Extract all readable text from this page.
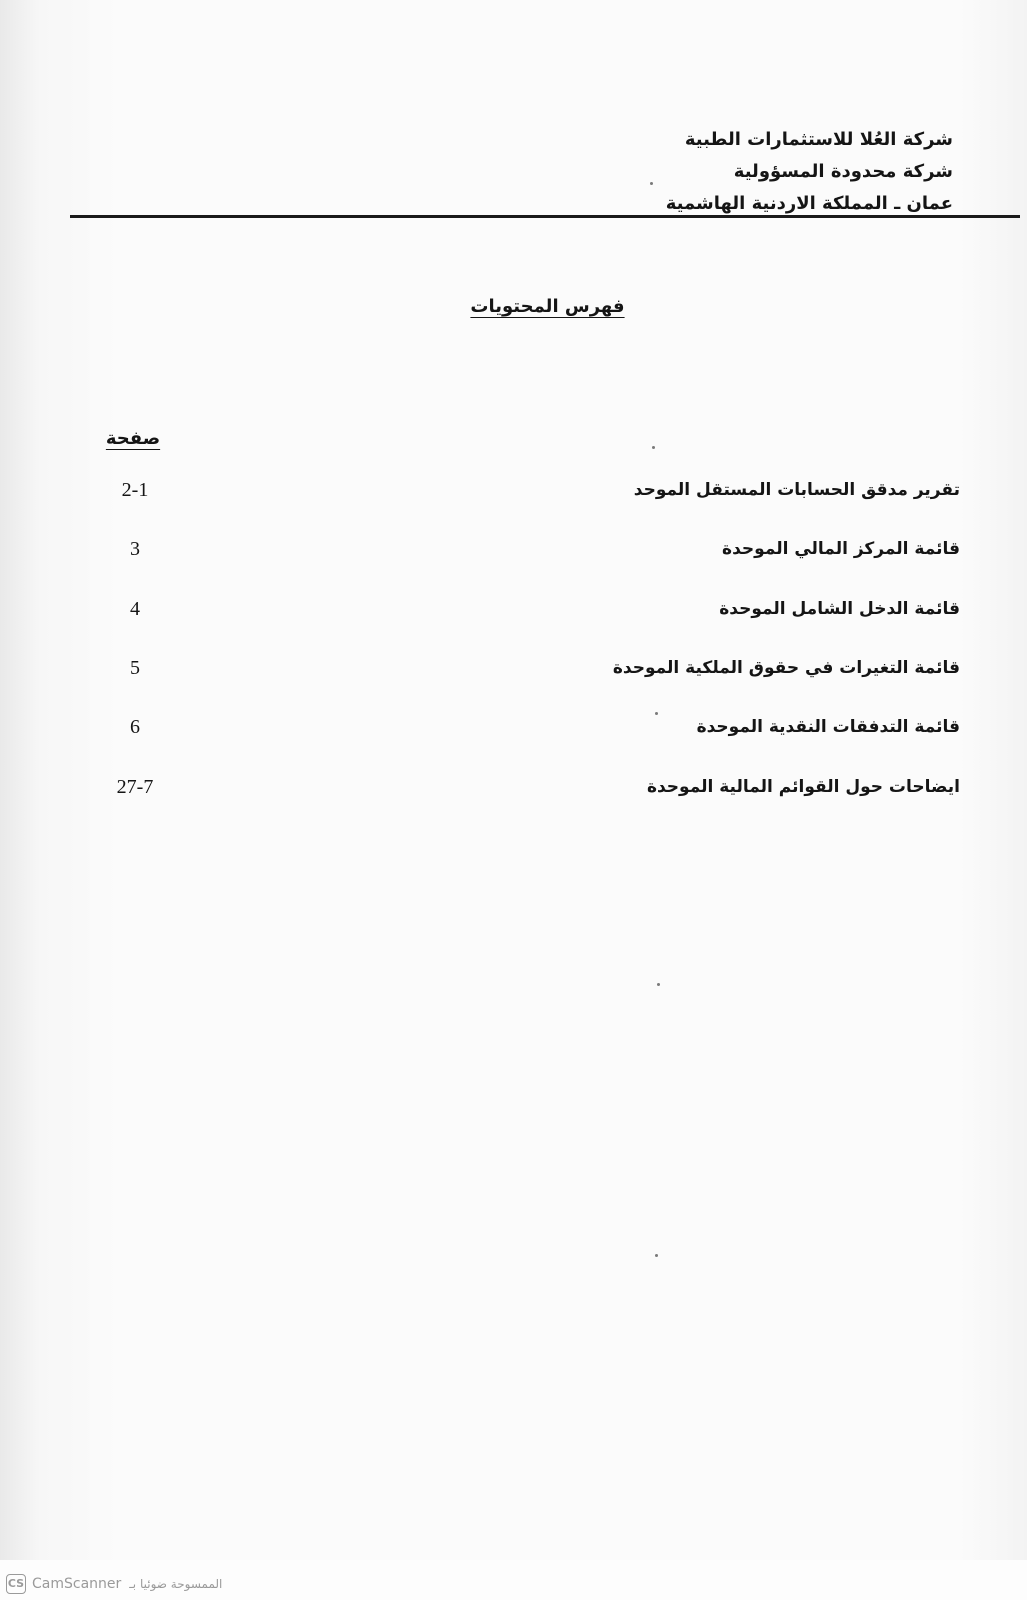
شركة العُلا للاستثمارات الطبية
شركة محدودة المسؤولية
عمان ـ المملكة الاردنية الهاشمية
فهرس المحتويات
صفحة
تقرير مدقق الحسابات المستقل الموحد
2-1
قائمة المركز المالي الموحدة
3
قائمة الدخل الشامل الموحدة
4
قائمة التغيرات في حقوق الملكية الموحدة
5
قائمة التدفقات النقدية الموحدة
6
ايضاحات حول القوائم المالية الموحدة
27-7
CS CamScanner الممسوحة ضوئيا بـ
